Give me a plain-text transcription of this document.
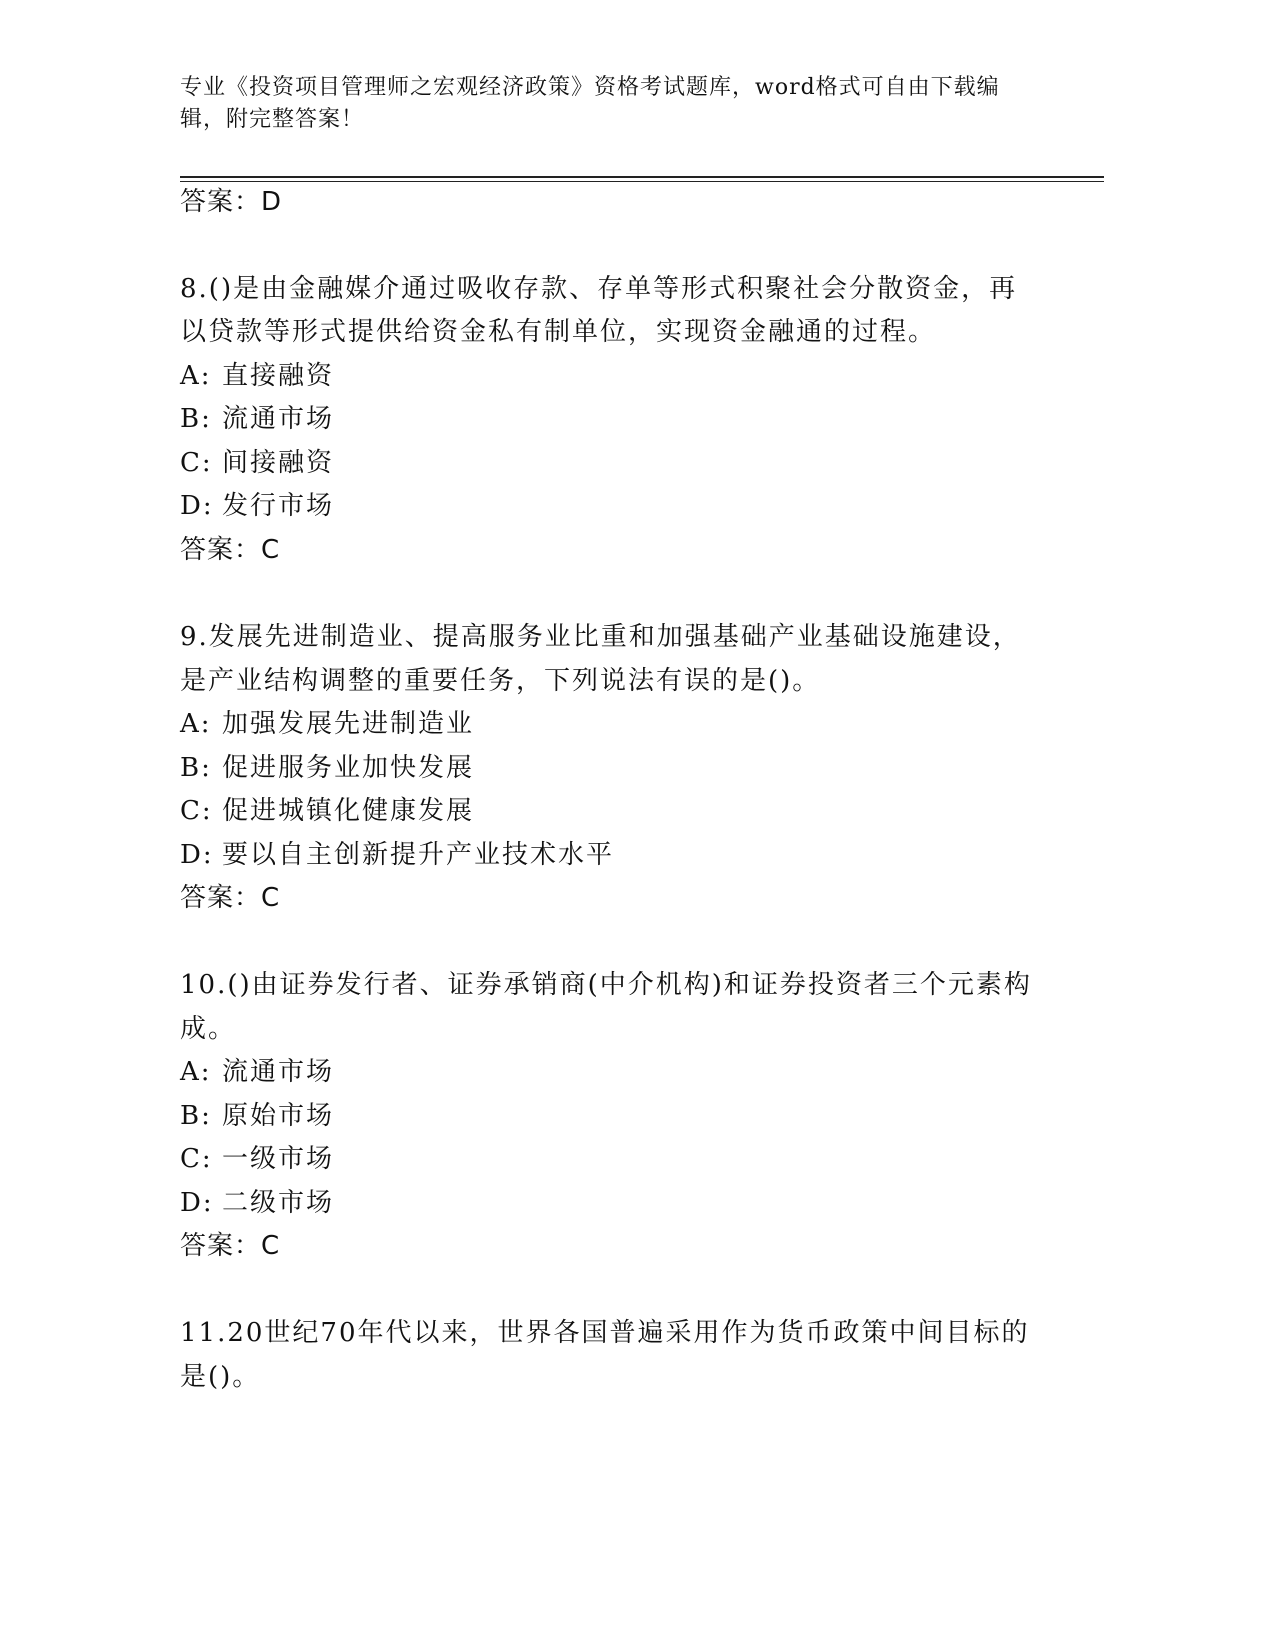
专业《投资项目管理师之宏观经济政策》资格考试题库，word格式可自由下载编
辑，附完整答案！
答案：D
8.()是由金融媒介通过吸收存款、存单等形式积聚社会分散资金，再
以贷款等形式提供给资金私有制单位，实现资金融通的过程。
A: 直接融资
B: 流通市场
C: 间接融资
D: 发行市场
答案：C
9.发展先进制造业、提高服务业比重和加强基础产业基础设施建设，
是产业结构调整的重要任务，下列说法有误的是()。
A: 加强发展先进制造业
B: 促进服务业加快发展
C: 促进城镇化健康发展
D: 要以自主创新提升产业技术水平
答案：C
10.()由证券发行者、证券承销商(中介机构)和证券投资者三个元素构
成。
A: 流通市场
B: 原始市场
C: 一级市场
D: 二级市场
答案：C
11.20世纪70年代以来，世界各国普遍采用作为货币政策中间目标的
是()。
